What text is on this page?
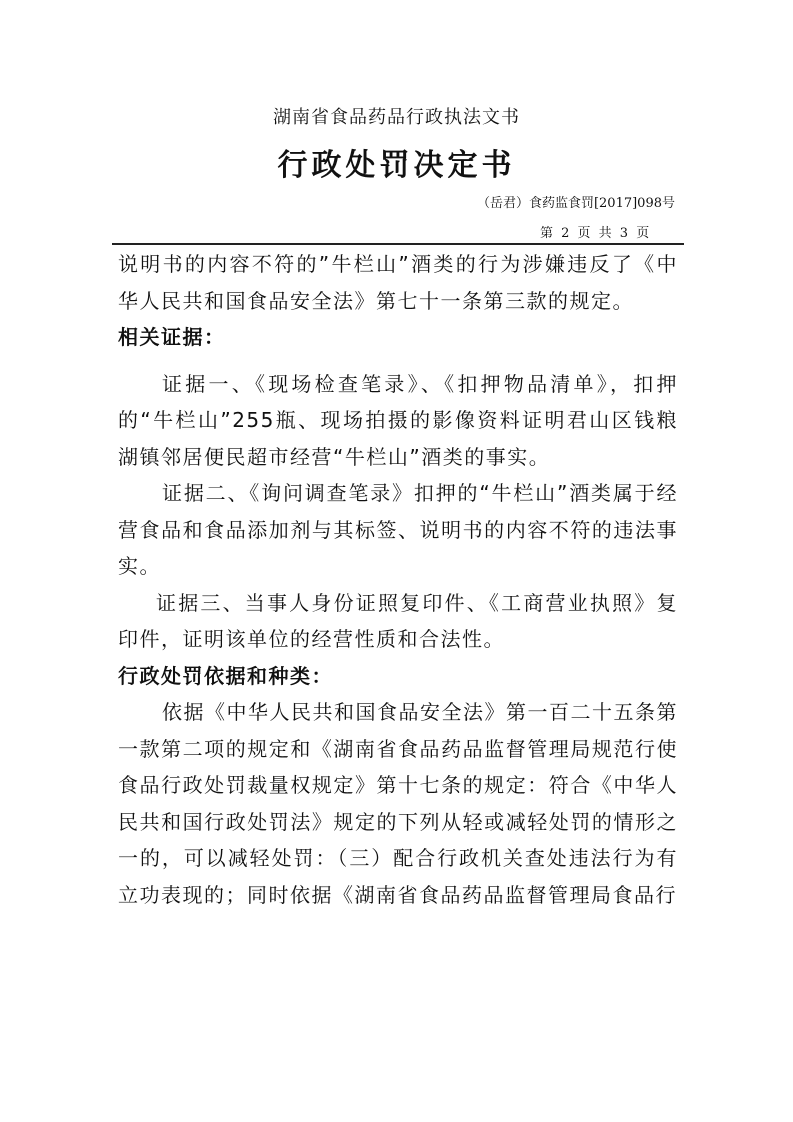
湖南省食品药品行政执法文书
行政处罚决定书
（岳君）食药监食罚[2017]098号
第 2 页 共 3 页

说明书的内容不符的”牛栏山”酒类的行为涉嫌违反了《中华人民共和国食品安全法》第七十一条第三款的规定。

相关证据：

证据一、《现场检查笔录》、《扣押物品清单》，扣押的“牛栏山”255瓶、现场拍摄的影像资料证明君山区钱粮湖镇邻居便民超市经营“牛栏山”酒类的事实。

证据二、《询问调查笔录》扣押的“牛栏山”酒类属于经营食品和食品添加剂与其标签、说明书的内容不符的违法事实。

证据三、当事人身份证照复印件、《工商营业执照》复印件，证明该单位的经营性质和合法性。

行政处罚依据和种类：

依据《中华人民共和国食品安全法》第一百二十五条第一款第二项的规定和《湖南省食品药品监督管理局规范行使食品行政处罚裁量权规定》第十七条的规定：符合《中华人民共和国行政处罚法》规定的下列从轻或减轻处罚的情形之一的，可以减轻处罚：（三）配合行政机关查处违法行为有立功表现的；同时依据《湖南省食品药品监督管理局食品行
